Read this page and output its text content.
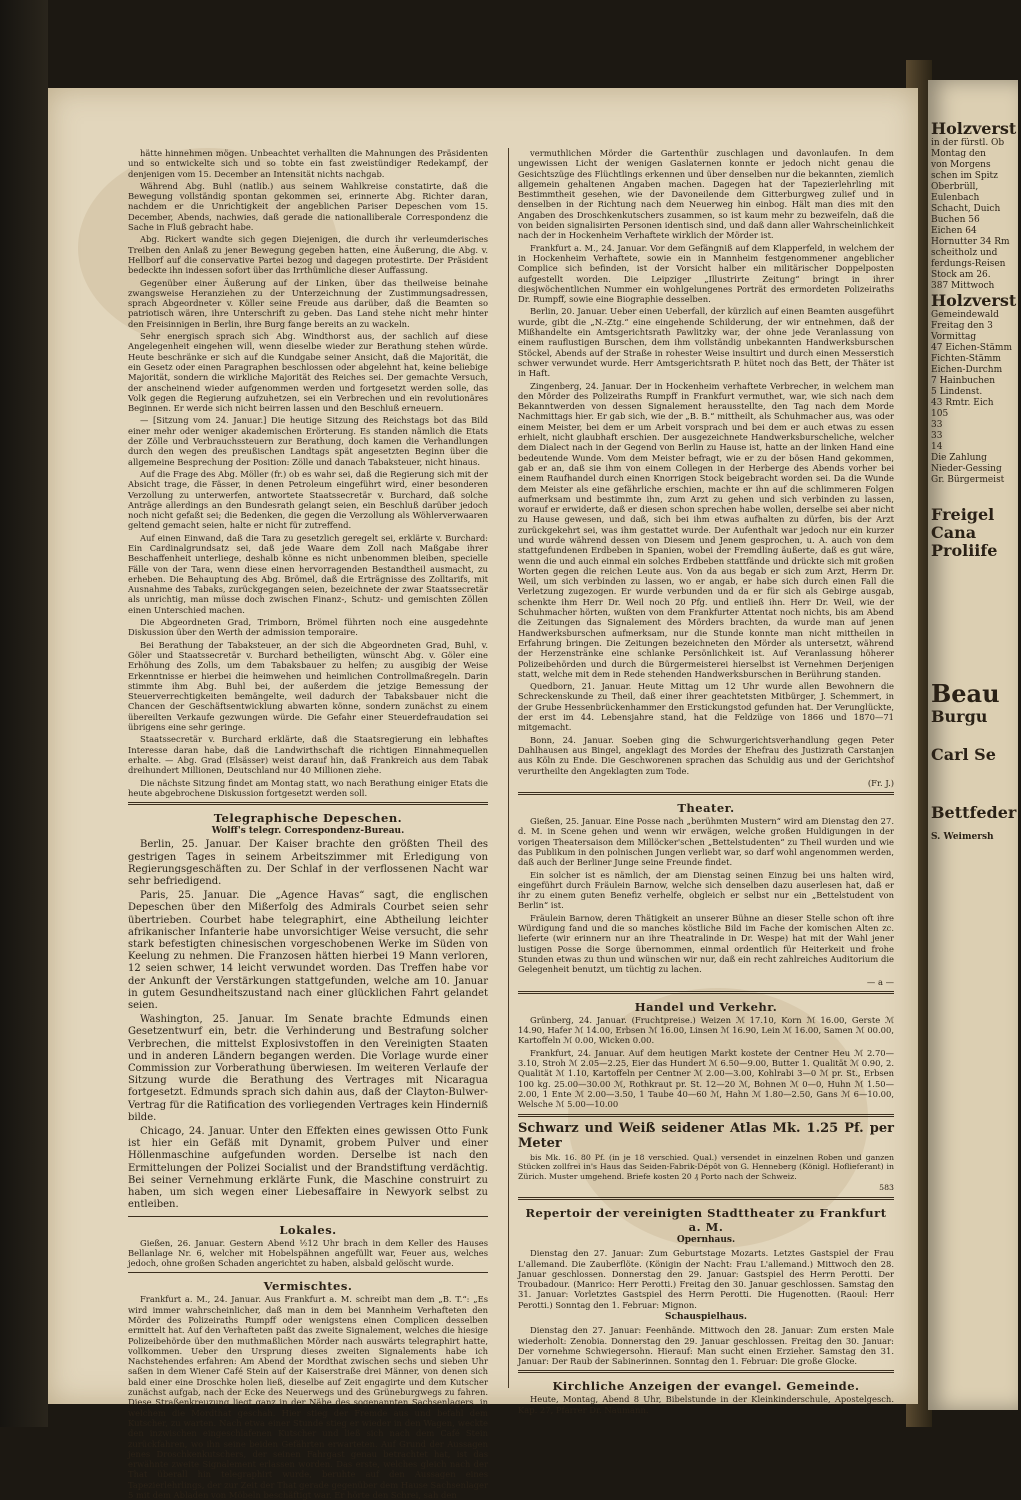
hätte hinnehmen mögen. Unbeachtet verhallten die Mahnungen des Präsidenten und so entwickelte sich und so tobte ein fast zweistündiger Redekampf, der denjenigen vom 15. December an Intensität nichts nachgab.

Während Abg. Buhl (natlib.) aus seinem Wahlkreise constatirte, daß die Bewegung vollständig spontan gekommen sei, erinnerte Abg. Richter daran, nachdem er die Unrichtigkeit der angeblichen Pariser Depeschen vom 15. December, Abends, nachwies, daß gerade die nationalliberale Correspondenz die Sache in Fluß gebracht habe.

Abg. Rickert wandte sich gegen Diejenigen, die durch ihr verleumderisches Treiben den Anlaß zu jener Bewegung gegeben hatten, eine Äußerung, die Abg. v. Hellborf auf die conservative Partei bezog und dagegen protestirte. Der Präsident bedeckte ihn indessen sofort über das Irrthümliche dieser Auffassung.

Gegenüber einer Äußerung auf der Linken, über das theilweise beinahe zwangsweise Heranziehen zu der Unterzeichnung der Zustimmungsadressen, sprach Abgeordneter v. Köller seine Freude aus darüber, daß die Beamten so patriotisch wären, ihre Unterschrift zu geben. Das Land stehe nicht mehr hinter den Freisinnigen in Berlin, ihre Burg fange bereits an zu wackeln.

Sehr energisch sprach sich Abg. Windthorst aus, der sachlich auf diese Angelegenheit eingehen will, wenn dieselbe wieder zur Berathung stehen würde. Heute beschränke er sich auf die Kundgabe seiner Ansicht, daß die Majorität, die ein Gesetz oder einen Paragraphen beschlossen oder abgelehnt hat, keine beliebige Majorität, sondern die wirkliche Majorität des Reiches sei. Der gemachte Versuch, der anscheinend wieder aufgenommen werden und fortgesetzt werden solle, das Volk gegen die Regierung aufzuhetzen, sei ein Verbrechen und ein revolutionäres Beginnen. Er werde sich nicht beirren lassen und den Beschluß erneuern.

— [Sitzung vom 24. Januar.] Die heutige Sitzung des Reichstags bot das Bild einer mehr oder weniger akademischen Erörterung. Es standen nämlich die Etats der Zölle und Verbrauchssteuern zur Berathung, doch kamen die Verhandlungen durch den wegen des preußischen Landtags spät angesetzten Beginn über die allgemeine Besprechung der Position: Zölle und danach Tabaksteuer, nicht hinaus.

Auf die Frage des Abg. Möller (fr.) ob es wahr sei, daß die Regierung sich mit der Absicht trage, die Fässer, in denen Petroleum eingeführt wird, einer besonderen Verzollung zu unterwerfen, antwortete Staatssecretär v. Burchard, daß solche Anträge allerdings an den Bundesrath gelangt seien, ein Beschluß darüber jedoch noch nicht gefaßt sei; die Bedenken, die gegen die Verzollung als Wöhlerverwaaren geltend gemacht seien, halte er nicht für zutreffend.

Auf einen Einwand, daß die Tara zu gesetzlich geregelt sei, erklärte v. Burchard: Ein Cardinalgrundsatz sei, daß jede Waare dem Zoll nach Maßgabe ihrer Beschaffenheit unterliege, deshalb könne es nicht unbenommen bleiben, specielle Fälle von der Tara, wenn diese einen hervorragenden Bestandtheil ausmacht, zu erheben. Die Behauptung des Abg. Brömel, daß die Erträgnisse des Zolltarifs, mit Ausnahme des Tabaks, zurückgegangen seien, bezeichnete der zwar Staatssecretär als unrichtig, man müsse doch zwischen Finanz-, Schutz- und gemischten Zöllen einen Unterschied machen.

Die Abgeordneten Grad, Trimborn, Brömel führten noch eine ausgedehnte Diskussion über den Werth der admission temporaire.

Bei Berathung der Tabaksteuer, an der sich die Abgeordneten Grad, Buhl, v. Göler und Staatssecretär v. Burchard betheiligten, wünscht Abg. v. Göler eine Erhöhung des Zolls, um dem Tabaksbauer zu helfen; zu ausgibig der Weise Erkenntnisse er hierbei die heimwehen und heimlichen Controllmaßregeln. Darin stimmte ihm Abg. Buhl bei, der außerdem die jetzige Bemessung der Steuerverrechtigkeiten bemängelte, weil dadurch der Tabaksbauer nicht die Chancen der Geschäftsentwicklung abwarten könne, sondern zunächst zu einem übereilten Verkaufe gezwungen würde. Die Gefahr einer Steuerdefraudation sei übrigens eine sehr geringe.

Staatssecretär v. Burchard erklärte, daß die Staatsregierung ein lebhaftes Interesse daran habe, daß die Landwirthschaft die richtigen Einnahmequellen erhalte. — Abg. Grad (Elsässer) weist darauf hin, daß Frankreich aus dem Tabak dreihundert Millionen, Deutschland nur 40 Millionen ziehe.

Die nächste Sitzung findet am Montag statt, wo nach Berathung einiger Etats die heute abgebrochene Diskussion fortgesetzt werden soll.

Telegraphische Depeschen.
Wolff's telegr. Correspondenz-Bureau.

Berlin, 25. Januar. Der Kaiser brachte den größten Theil des gestrigen Tages in seinem Arbeitszimmer mit Erledigung von Regierungsgeschäften zu. Der Schlaf in der verflossenen Nacht war sehr befriedigend.

Paris, 25. Januar. Die „Agence Havas“ sagt, die englischen Depeschen über den Mißerfolg des Admirals Courbet seien sehr übertrieben. Courbet habe telegraphirt, eine Abtheilung leichter afrikanischer Infanterie habe unvorsichtiger Weise versucht, die sehr stark befestigten chinesischen vorgeschobenen Werke im Süden von Keelung zu nehmen. Die Franzosen hätten hierbei 19 Mann verloren, 12 seien schwer, 14 leicht verwundet worden. Das Treffen habe vor der Ankunft der Verstärkungen stattgefunden, welche am 10. Januar in gutem Gesundheitszustand nach einer glücklichen Fahrt gelandet seien.

Washington, 25. Januar. Im Senate brachte Edmunds einen Gesetzentwurf ein, betr. die Verhinderung und Bestrafung solcher Verbrechen, die mittelst Explosivstoffen in den Vereinigten Staaten und in anderen Ländern begangen werden. Die Vorlage wurde einer Commission zur Vorberathung überwiesen. Im weiteren Verlaufe der Sitzung wurde die Berathung des Vertrages mit Nicaragua fortgesetzt. Edmunds sprach sich dahin aus, daß der Clayton-Bulwer-Vertrag für die Ratification des vorliegenden Vertrages kein Hinderniß bilde.

Chicago, 24. Januar. Unter den Effekten eines gewissen Otto Funk ist hier ein Gefäß mit Dynamit, grobem Pulver und einer Höllenmaschine aufgefunden worden. Derselbe ist nach den Ermittelungen der Polizei Socialist und der Brandstiftung verdächtig. Bei seiner Vernehmung erklärte Funk, die Maschine construirt zu haben, um sich wegen einer Liebesaffaire in Newyork selbst zu entleiben.

Lokales.

Gießen, 26. Januar. Gestern Abend ½12 Uhr brach in dem Keller des Hauses Bellanlage Nr. 6, welcher mit Hobelspähnen angefüllt war, Feuer aus, welches jedoch, ohne großen Schaden angerichtet zu haben, alsbald gelöscht wurde.

Vermischtes.

Frankfurt a. M., 24. Januar. Aus Frankfurt a. M. schreibt man dem „B. T.“: „Es wird immer wahrscheinlicher, daß man in dem bei Mannheim Verhafteten den Mörder des Polizeiraths Rumpff oder wenigstens einen Complicen desselben ermittelt hat. Auf den Verhafteten paßt das zweite Signalement, welches die hiesige Polizeibehörde über den muthmaßlichen Mörder nach auswärts telegraphirt hatte, vollkommen. Ueber den Ursprung dieses zweiten Signalements habe ich Nachstehendes erfahren: Am Abend der Mordthat zwischen sechs und sieben Uhr saßen in dem Wiener Café Stein auf der Kaiserstraße drei Männer, von denen sich bald einer eine Droschke holen ließ, dieselbe auf Zeit engagirte und dem Kutscher zunächst aufgab, nach der Ecke des Neuerwegs und des Grüneburgwegs zu fahren. Diese Straßenkreuzung liegt ganz in der Nähe des sogenannten Sachsenlagers, in welchem die Mordthat geschah. Hier stieg der Fremde aus und befahl dem Kutscher, zu warten. Nach etwa einer Stunde stieg er wieder in den Wagen, weckte den inzwischen eingeschlafenen Kutscher und ließ sich nach dem Café Stein zurückfahren, wo ihn seine beiden Gefährten erwarteten. Auf Grund der Aussagen jenes Droschkenkutschers, der seinen Fahrgast genau betrachtet hat, ist das erwähnte zweite Signalement erlassen worden. Das erste, welches gleich nach der That überall hin telegraphirt wurde, beruhte auf den Aussagen eines Tapezierlehrlings, der zur Zeit der That gerade gegenüber dem Hause Sachsenlager 5 mit dem Abladen von Möbeln beschäftigt war. Er hörte den Schrei, sah den

vermuthlichen Mörder die Gartenthür zuschlagen und davonlaufen. In dem ungewissen Licht der wenigen Gaslaternen konnte er jedoch nicht genau die Gesichtszüge des Flüchtlings erkennen und über denselben nur die bekannten, ziemlich allgemein gehaltenen Angaben machen. Dagegen hat der Tapezierlehrling mit Bestimmtheit gesehen, wie der Davoneilende dem Gitterburgweg zulief und in denselben in der Richtung nach dem Neuerweg hin einbog. Hält man dies mit den Angaben des Droschkenkutschers zusammen, so ist kaum mehr zu bezweifeln, daß die von beiden signalisirten Personen identisch sind, und daß dann aller Wahrscheinlichkeit nach der in Hockenheim Verhaftete wirklich der Mörder ist.

Frankfurt a. M., 24. Januar. Vor dem Gefängniß auf dem Klapperfeld, in welchem der in Hockenheim Verhaftete, sowie ein in Mannheim festgenommener angeblicher Complice sich befinden, ist der Vorsicht halber ein militärischer Doppelposten aufgestellt worden. Die Leipziger „Illustrirte Zeitung“ bringt in ihrer diesjwöchentlichen Nummer ein wohlgelungenes Porträt des ermordeten Polizeiraths Dr. Rumpff, sowie eine Biographie desselben.

Berlin, 20. Januar. Ueber einen Ueberfall, der kürzlich auf einen Beamten ausgeführt wurde, gibt die „N.-Ztg.“ eine eingehende Schilderung, der wir entnehmen, daß der Mißhandelte ein Amtsgerichtsrath Pawlitzky war, der ohne jede Veranlassung von einem rauflustigen Burschen, dem ihm vollständig unbekannten Handwerksburschen Stöckel, Abends auf der Straße in rohester Weise insultirt und durch einen Messerstich schwer verwundet wurde. Herr Amtsgerichtsrath P. hütet noch das Bett, der Thäter ist in Haft.

Zingenberg, 24. Januar. Der in Hockenheim verhaftete Verbrecher, in welchem man den Mörder des Polizeiraths Rumpff in Frankfurt vermuthet, war, wie sich nach dem Bekanntwerden von dessen Signalement herausstellte, den Tag nach dem Morde Nachmittags hier. Er gab sich, wie der „B. B.“ mittheilt, als Schuhmacher aus, was oder einem Meister, bei dem er um Arbeit vorsprach und bei dem er auch etwas zu essen erhielt, nicht glaubhaft erschien. Der ausgezeichnete Handwerksburscheliche, welcher dem Dialect nach in der Gegend von Berlin zu Hause ist, hatte an der linken Hand eine bedeutende Wunde. Vom dem Meister befragt, wie er zu der bösen Hand gekommen, gab er an, daß sie ihm von einem Collegen in der Herberge des Abends vorher bei einem Raufhandel durch einen Knorrigen Stock beigebracht worden sei. Da die Wunde dem Meister als eine gefährliche erschien, machte er ihn auf die schlimmeren Folgen aufmerksam und bestimmte ihn, zum Arzt zu gehen und sich verbinden zu lassen, worauf er erwiderte, daß er diesen schon sprechen habe wollen, derselbe sei aber nicht zu Hause gewesen, und daß, sich bei ihm etwas aufhalten zu dürfen, bis der Arzt zurückgekehrt sei, was ihm gestattet wurde. Der Aufenthalt war jedoch nur ein kurzer und wurde während dessen von Diesem und Jenem gesprochen, u. A. auch von dem stattgefundenen Erdbeben in Spanien, wobei der Fremdling äußerte, daß es gut wäre, wenn die und auch einmal ein solches Erdbeben stattfände und drückte sich mit großen Worten gegen die reichen Leute aus. Von da aus begab er sich zum Arzt, Herrn Dr. Weil, um sich verbinden zu lassen, wo er angab, er habe sich durch einen Fall die Verletzung zugezogen. Er wurde verbunden und da er für sich als Gebirge ausgab, schenkte ihm Herr Dr. Weil noch 20 Pfg. und entließ ihn. Herr Dr. Weil, wie der Schuhmacher hörten, wußten von dem Frankfurter Attentat noch nichts, bis am Abend die Zeitungen das Signalement des Mörders brachten, da wurde man auf jenen Handwerksburschen aufmerksam, nur die Stunde konnte man nicht mittheilen in Erfahrung bringen. Die Zeitungen bezeichneten den Mörder als untersetzt, während der Herzenstränke eine schlanke Persönlichkeit ist. Auf Veranlassung höherer Polizeibehörden und durch die Bürgermeisterei hierselbst ist Vernehmen Derjenigen statt, welche mit dem in Rede stehenden Handwerksburschen in Berührung standen.

Quedborn, 21. Januar. Heute Mittag um 12 Uhr wurde allen Bewohnern die Schreckenskunde zu Theil, daß einer ihrer geachtetsten Mitbürger, J. Schemmert, in der Grube Hessenbrückenhammer den Erstickungstod gefunden hat. Der Verunglückte, der erst im 44. Lebensjahre stand, hat die Feldzüge von 1866 und 1870—71 mitgemacht.

Bonn, 24. Januar. Soeben ging die Schwurgerichtsverhandlung gegen Peter Dahlhausen aus Bingel, angeklagt des Mordes der Ehefrau des Justizrath Carstanjen aus Köln zu Ende. Die Geschworenen sprachen das Schuldig aus und der Gerichtshof verurtheilte den Angeklagten zum Tode.

(Fr. J.)
Theater.

Gießen, 25. Januar. Eine Posse nach „berühmten Mustern“ wird am Dienstag den 27. d. M. in Scene gehen und wenn wir erwägen, welche großen Huldigungen in der vorigen Theatersaison dem Millöcker'schen „Bettelstudenten“ zu Theil wurden und wie das Publikum in den polnischen Jungen verliebt war, so darf wohl angenommen werden, daß auch der Berliner Junge seine Freunde findet.

Ein solcher ist es nämlich, der am Dienstag seinen Einzug bei uns halten wird, eingeführt durch Fräulein Barnow, welche sich denselben dazu auserlesen hat, daß er ihr zu einem guten Benefiz verhelfe, obgleich er selbst nur ein „Bettelstudent von Berlin“ ist.

Fräulein Barnow, deren Thätigkeit an unserer Bühne an dieser Stelle schon oft ihre Würdigung fand und die so manches köstliche Bild im Fache der komischen Alten zc. lieferte (wir erinnern nur an ihre Theatralinde in Dr. Wespe) hat mit der Wahl jener lustigen Posse die Sorge übernommen, einmal ordentlich für Heiterkeit und frohe Stunden etwas zu thun und wünschen wir nur, daß ein recht zahlreiches Auditorium die Gelegenheit benutzt, um tüchtig zu lachen.

— a —
Handel und Verkehr.

Grünberg, 24. Januar. (Fruchtpreise.) Weizen ℳ 17.10, Korn ℳ 16.00, Gerste ℳ 14.90, Hafer ℳ 14.00, Erbsen ℳ 16.00, Linsen ℳ 16.90, Lein ℳ 16.00, Samen ℳ 00.00, Kartoffeln ℳ 0.00, Wicken 0.00.

Frankfurt, 24. Januar. Auf dem heutigen Markt kostete der Centner Heu ℳ 2.70—3.10, Stroh ℳ 2.05—2.25, Eier das Hundert ℳ 6.50—9.00, Butter 1. Qualität ℳ 0.90, 2. Qualität ℳ 1.10, Kartoffeln per Centner ℳ 2.00—3.00, Kohlrabi 3—0 ℳ pr. St., Erbsen 100 kg. 25.00—30.00 ℳ, Rothkraut pr. St. 12—20 ℳ, Bohnen ℳ 0—0, Huhn ℳ 1.50—2.00, 1 Ente ℳ 2.00—3.50, 1 Taube 40—60 ℳ, Hahn ℳ 1.80—2.50, Gans ℳ 6—10.00, Welsche ℳ 5.00—10.00

Schwarz und Weiß seidener Atlas Mk. 1.25 Pf. per Meter

bis Mk. 16. 80 Pf. (in je 18 verschied. Qual.) versendet in einzelnen Roben und ganzen Stücken zollfrei in's Haus das Seiden-Fabrik-Dépôt von G. Henneberg (Königl. Hoflieferant) in Zürich. Muster umgehend. Briefe kosten 20 ₰ Porto nach der Schweiz.

583
Repertoir der vereinigten Stadttheater zu Frankfurt a. M.
Opernhaus.

Dienstag den 27. Januar: Zum Geburtstage Mozarts. Letztes Gastspiel der Frau L'allemand. Die Zauberflöte. (Königin der Nacht: Frau L'allemand.) Mittwoch den 28. Januar geschlossen. Donnerstag den 29. Januar: Gastspiel des Herrn Perotti. Der Troubadour. (Manrico: Herr Perotti.) Freitag den 30. Januar geschlossen. Samstag den 31. Januar: Vorletztes Gastspiel des Herrn Perotti. Die Hugenotten. (Raoul: Herr Perotti.) Sonntag den 1. Februar: Mignon.

Schauspielhaus.

Dienstag den 27. Januar: Feenhände. Mittwoch den 28. Januar: Zum ersten Male wiederholt: Zenobia. Donnerstag den 29. Januar geschlossen. Freitag den 30. Januar: Der vornehme Schwiegersohn. Hierauf: Man sucht einen Erzieher. Samstag den 31. Januar: Der Raub der Sabinerinnen. Sonntag den 1. Februar: Die große Glocke.

Kirchliche Anzeigen der evangel. Gemeinde.

Heute, Montag, Abend 8 Uhr, Bibelstunde in der Kleinkinderschule, Apostelgesch. Kap. 27, Pfarrer Dr. Naumann.

Holzverst
in der fürstl. Ob
Montag den
von Morgens
schen im Spitz
Oberbrüll, Eulenbach
Schacht, Duich
Buchen 56
Eichen 64
Hornutter 34 Rm
scheitholz und
ferdungs-Reisen
Stock am 26.
387 Mittwoch
Holzverst
Gemeindewald
Freitag den 3
Vormittag
47 Eichen-Stämm
Fichten-Stämm
Eichen-Durchm
7 Hainbuchen
5 Lindenst.
43 Rmtr. Eich
105
33
33
14
Die Zahlung
Nieder-Gessing
Gr. Bürgermeist
Freigel
Cana
Proliife
Beau
Burgu
Carl Se
Bettfeder
S. Weimersh
